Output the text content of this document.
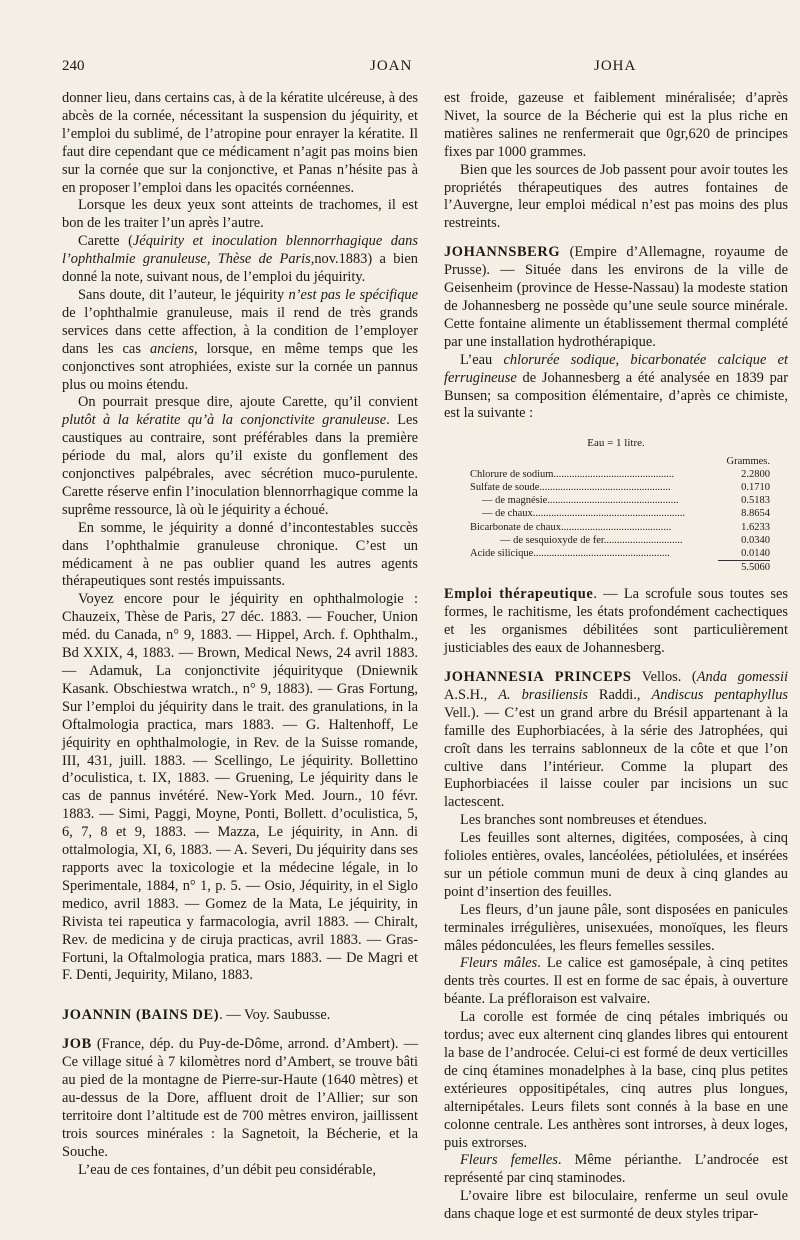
240	JOAN	JOHA

donner lieu, dans certains cas, à de la kératite ulcéreuse, à des abcès de la cornée, nécessitant la suspension du jéquirity, et l’emploi du sublimé, de l’atropine pour enrayer la kératite. Il faut dire cependant que ce médicament n’agit pas moins bien sur la cornée que sur la conjonctive, et Panas n’hésite pas à en proposer l’emploi dans les opacités cornéennes.

Lorsque les deux yeux sont atteints de trachomes, il est bon de les traiter l’un après l’autre.

Carette (Jéquirity et inoculation blennorrhagique dans l’ophthalmie granuleuse, Thèse de Paris,nov.1883) a bien donné la note, suivant nous, de l’emploi du jéquirity.

Sans doute, dit l’auteur, le jéquirity n’est pas le spécifique de l’ophthalmie granuleuse, mais il rend de très grands services dans cette affection, à la condition de l’employer dans les cas anciens, lorsque, en même temps que les conjonctives sont atrophiées, existe sur la cornée un pannus plus ou moins étendu.

On pourrait presque dire, ajoute Carette, qu’il convient plutôt à la kératite qu’à la conjonctivite granuleuse. Les caustiques au contraire, sont préférables dans la première période du mal, alors qu’il existe du gonflement des conjonctives palpébrales, avec sécrétion muco-purulente. Carette réserve enfin l’inoculation blennorrhagique comme la suprême ressource, là où le jéquirity a échoué.

En somme, le jéquirity a donné d’incontestables succès dans l’ophthalmie granuleuse chronique. C’est un médicament à ne pas oublier quand les autres agents thérapeutiques sont restés impuissants.

Voyez encore pour le jéquirity en ophthalmologie : Chauzeix, Thèse de Paris, 27 déc. 1883. — Foucher, Union méd. du Canada, n° 9, 1883. — Hippel, Arch. f. Ophthalm., Bd XXIX, 4, 1883. — Brown, Medical News, 24 avril 1883. — Adamuk, La conjonctivite jéquirityque (Dniewnik Kasank. Obschiestwa wratch., n° 9, 1883). — Gras Fortung, Sur l’emploi du jéquirity dans le trait. des granulations, in la Oftalmologia practica, mars 1883. — G. Haltenhoff, Le jéquirity en ophthalmologie, in Rev. de la Suisse romande, III, 431, juill. 1883. — Scellingo, Le jéquirity. Bollettino d’oculistica, t. IX, 1883. — Gruening, Le jéquirity dans le cas de pannus invétéré. New-York Med. Journ., 10 févr. 1883. — Simi, Paggi, Moyne, Ponti, Bollett. d’oculistica, 5, 6, 7, 8 et 9, 1883. — Mazza, Le jéquirity, in Ann. di ottalmologia, XI, 6, 1883. — A. Severi, Du jéquirity dans ses rapports avec la toxicologie et la médecine légale, in lo Sperimentale, 1884, n° 1, p. 5. — Osio, Jéquirity, in el Siglo medico, avril 1883. — Gomez de la Mata, Le jéquirity, in Rivista tei rapeutica y farmacologia, avril 1883. — Chiralt, Rev. de medicina y de ciruja practicas, avril 1883. — Gras-Fortuni, la Oftalmologia pratica, mars 1883. — De Magri et F. Denti, Jequirity, Milano, 1883.

JOANNIN (BAINS DE). — Voy. Saubusse.

JOB (France, dép. du Puy-de-Dôme, arrond. d’Ambert). — Ce village situé à 7 kilomètres nord d’Ambert, se trouve bâti au pied de la montagne de Pierre-sur-Haute (1640 mètres) et au-dessus de la Dore, affluent droit de l’Allier; sur son territoire dont l’altitude est de 700 mètres environ, jaillissent trois sources minérales : la Sagnetoit, la Bécherie, et la Souche.

L’eau de ces fontaines, d’un débit peu considérable,

est froide, gazeuse et faiblement minéralisée; d’après Nivet, la source de la Bécherie qui est la plus riche en matières salines ne renfermerait que 0gr,620 de principes fixes par 1000 grammes.

Bien que les sources de Job passent pour avoir toutes les propriétés thérapeutiques des autres fontaines de l’Auvergne, leur emploi médical n’est pas moins des plus restreints.

JOHANNSBERG (Empire d’Allemagne, royaume de Prusse). — Située dans les environs de la ville de Geisenheim (province de Hesse-Nassau) la modeste station de Johannesberg ne possède qu’une seule source minérale. Cette fontaine alimente un établissement thermal complété par une installation hydrothérapique.

L’eau chlorurée sodique, bicarbonatée calcique et ferrugineuse de Johannesberg a été analysée en 1839 par Bunsen; sa composition élémentaire, d’après ce chimiste, est la suivante :

Eau = 1 litre.
Grammes.
Chlorure de sodium..............................................	2.2800
Sulfate de soude..................................................	0.1710
— de magnésie..................................................	0.5183
— de chaux..........................................................	8.8654
Bicarbonate de chaux..........................................	1.6233
— de sesquioxyde de fer..............................	0.0340
Acide silicique....................................................	0.0140
5.5060

Emploi thérapeutique. — La scrofule sous toutes ses formes, le rachitisme, les états profondément cachectiques et les organismes débilitées sont particulièrement justiciables des eaux de Johannesberg.

JOHANNESIA PRINCEPS Vellos. (Anda gomessii A.S.H., A. brasiliensis Raddi., Andiscus pentaphyllus Vell.). — C’est un grand arbre du Brésil appartenant à la famille des Euphorbiacées, à la série des Jatrophées, qui croît dans les terrains sablonneux de la côte et que l’on cultive dans l’intérieur. Comme la plupart des Euphorbiacées il laisse couler par incisions un suc lactescent.

Les branches sont nombreuses et étendues.

Les feuilles sont alternes, digitées, composées, à cinq folioles entières, ovales, lancéolées, pétiolulées, et insérées sur un pétiole commun muni de deux à cinq glandes au point d’insertion des feuilles.

Les fleurs, d’un jaune pâle, sont disposées en panicules terminales irrégulières, unisexuées, monoïques, les fleurs mâles pédonculées, les fleurs femelles sessiles.

Fleurs mâles. Le calice est gamosépale, à cinq petites dents très courtes. Il est en forme de sac épais, à ouverture béante. La préfloraison est valvaire.

La corolle est formée de cinq pétales imbriqués ou tordus; avec eux alternent cinq glandes libres qui entourent la base de l’androcée. Celui-ci est formé de deux verticilles de cinq étamines monadelphes à la base, cinq plus petites extérieures oppositipétales, cinq autres plus longues, alternipétales. Leurs filets sont connés à la base en une colonne centrale. Les anthères sont introrses, à deux loges, puis extrorses.

Fleurs femelles. Même périanthe. L’androcée est représenté par cinq staminodes.

L’ovaire libre est biloculaire, renferme un seul ovule dans chaque loge et est surmonté de deux styles tripar-
